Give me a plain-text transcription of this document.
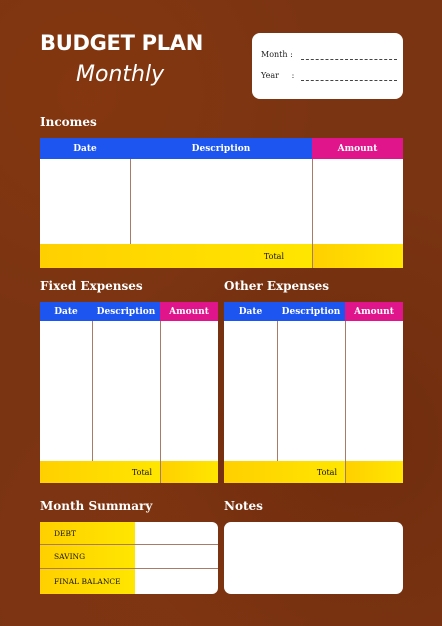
BUDGET PLAN
Monthly
Month :
Year     :
Incomes
Date	Description	Amount
Total
Fixed Expenses
Date	Description	Amount
Total
Other Expenses
Date	Description	Amount
Total
Month Summary
DEBT
SAVING
FINAL BALANCE
Notes
